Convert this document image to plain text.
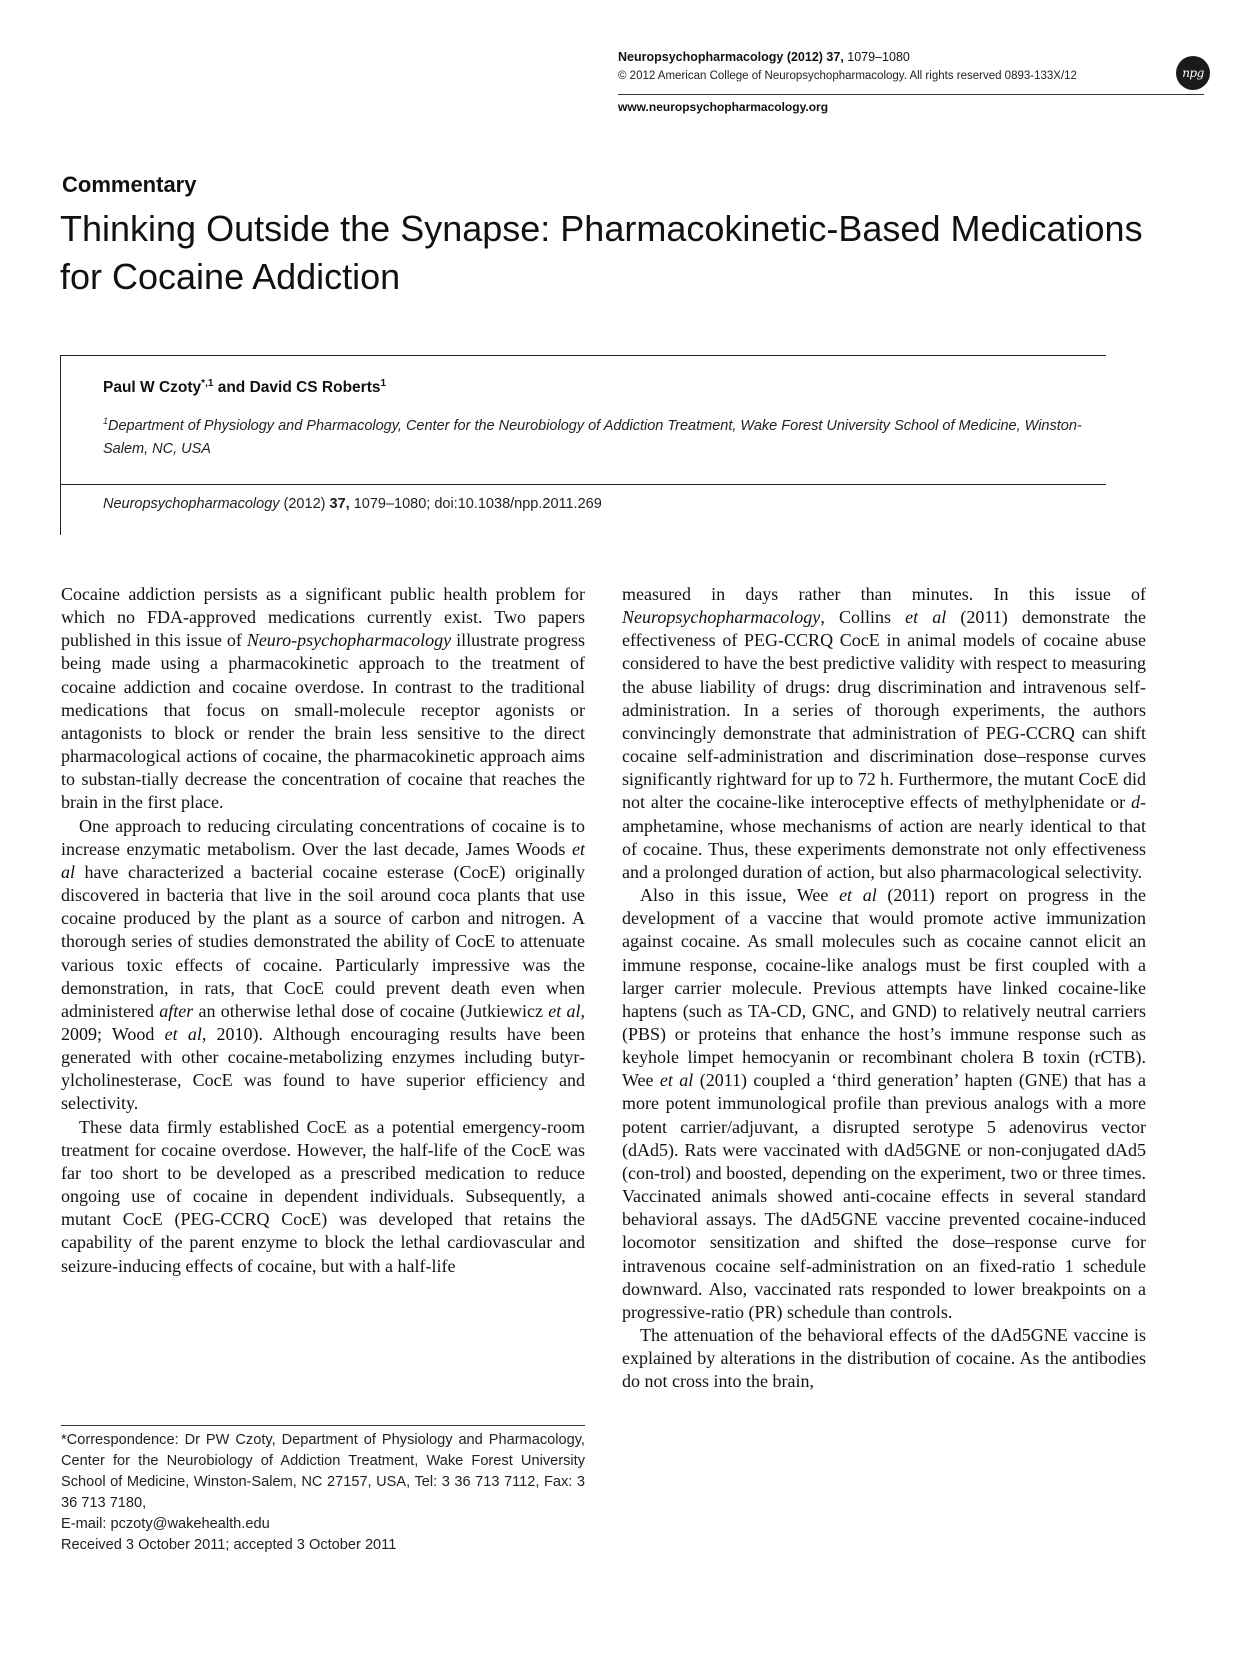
Neuropsychopharmacology (2012) 37, 1079–1080
© 2012 American College of Neuropsychopharmacology. All rights reserved 0893-133X/12	npg
www.neuropsychopharmacology.org
Commentary
Thinking Outside the Synapse: Pharmacokinetic-Based Medications for Cocaine Addiction
Paul W Czoty$^{*,1}$ and David CS Roberts$^1$
$^1$Department of Physiology and Pharmacology, Center for the Neurobiology of Addiction Treatment, Wake Forest University School of Medicine, Winston-Salem, NC, USA
Neuropsychopharmacology (2012) 37, 1079–1080; doi:10.1038/npp.2011.269

Cocaine addiction persists as a significant public health problem for which no FDA-approved medications currently exist. Two papers published in this issue of Neuro-psychopharmacology illustrate progress being made using a pharmacokinetic approach to the treatment of cocaine addiction and cocaine overdose. In contrast to the traditional medications that focus on small-molecule receptor agonists or antagonists to block or render the brain less sensitive to the direct pharmacological actions of cocaine, the pharmacokinetic approach aims to substan-tially decrease the concentration of cocaine that reaches the brain in the first place.

One approach to reducing circulating concentrations of cocaine is to increase enzymatic metabolism. Over the last decade, James Woods et al have characterized a bacterial cocaine esterase (CocE) originally discovered in bacteria that live in the soil around coca plants that use cocaine produced by the plant as a source of carbon and nitrogen. A thorough series of studies demonstrated the ability of CocE to attenuate various toxic effects of cocaine. Particularly impressive was the demonstration, in rats, that CocE could prevent death even when administered after an otherwise lethal dose of cocaine (Jutkiewicz et al, 2009; Wood et al, 2010). Although encouraging results have been generated with other cocaine-metabolizing enzymes including butyr-ylcholinesterase, CocE was found to have superior efficiency and selectivity.

These data firmly established CocE as a potential emergency-room treatment for cocaine overdose. However, the half-life of the CocE was far too short to be developed as a prescribed medication to reduce ongoing use of cocaine in dependent individuals. Subsequently, a mutant CocE (PEG-CCRQ CocE) was developed that retains the capability of the parent enzyme to block the lethal cardiovascular and seizure-inducing effects of cocaine, but with a half-life

measured in days rather than minutes. In this issue of Neuropsychopharmacology, Collins et al (2011) demonstrate the effectiveness of PEG-CCRQ CocE in animal models of cocaine abuse considered to have the best predictive validity with respect to measuring the abuse liability of drugs: drug discrimination and intravenous self-administration. In a series of thorough experiments, the authors convincingly demonstrate that administration of PEG-CCRQ can shift cocaine self-administration and discrimination dose–response curves significantly rightward for up to 72 h. Furthermore, the mutant CocE did not alter the cocaine-like interoceptive effects of methylphenidate or d-amphetamine, whose mechanisms of action are nearly identical to that of cocaine. Thus, these experiments demonstrate not only effectiveness and a prolonged duration of action, but also pharmacological selectivity.

Also in this issue, Wee et al (2011) report on progress in the development of a vaccine that would promote active immunization against cocaine. As small molecules such as cocaine cannot elicit an immune response, cocaine-like analogs must be first coupled with a larger carrier molecule. Previous attempts have linked cocaine-like haptens (such as TA-CD, GNC, and GND) to relatively neutral carriers (PBS) or proteins that enhance the host’s immune response such as keyhole limpet hemocyanin or recombinant cholera B toxin (rCTB). Wee et al (2011) coupled a ‘third generation’ hapten (GNE) that has a more potent immunological profile than previous analogs with a more potent carrier/adjuvant, a disrupted serotype 5 adenovirus vector (dAd5). Rats were vaccinated with dAd5GNE or non-conjugated dAd5 (con-trol) and boosted, depending on the experiment, two or three times. Vaccinated animals showed anti-cocaine effects in several standard behavioral assays. The dAd5GNE vaccine prevented cocaine-induced locomotor sensitization and shifted the dose–response curve for intravenous cocaine self-administration on an fixed-ratio 1 schedule downward. Also, vaccinated rats responded to lower breakpoints on a progressive-ratio (PR) schedule than controls.

The attenuation of the behavioral effects of the dAd5GNE vaccine is explained by alterations in the distribution of cocaine. As the antibodies do not cross into the brain,

*Correspondence: Dr PW Czoty, Department of Physiology and Pharmacology, Center for the Neurobiology of Addiction Treatment, Wake Forest University School of Medicine, Winston-Salem, NC 27157, USA, Tel: 3 36 713 7112, Fax: 3 36 713 7180,

E-mail: pczoty@wakehealth.edu

Received 3 October 2011; accepted 3 October 2011
